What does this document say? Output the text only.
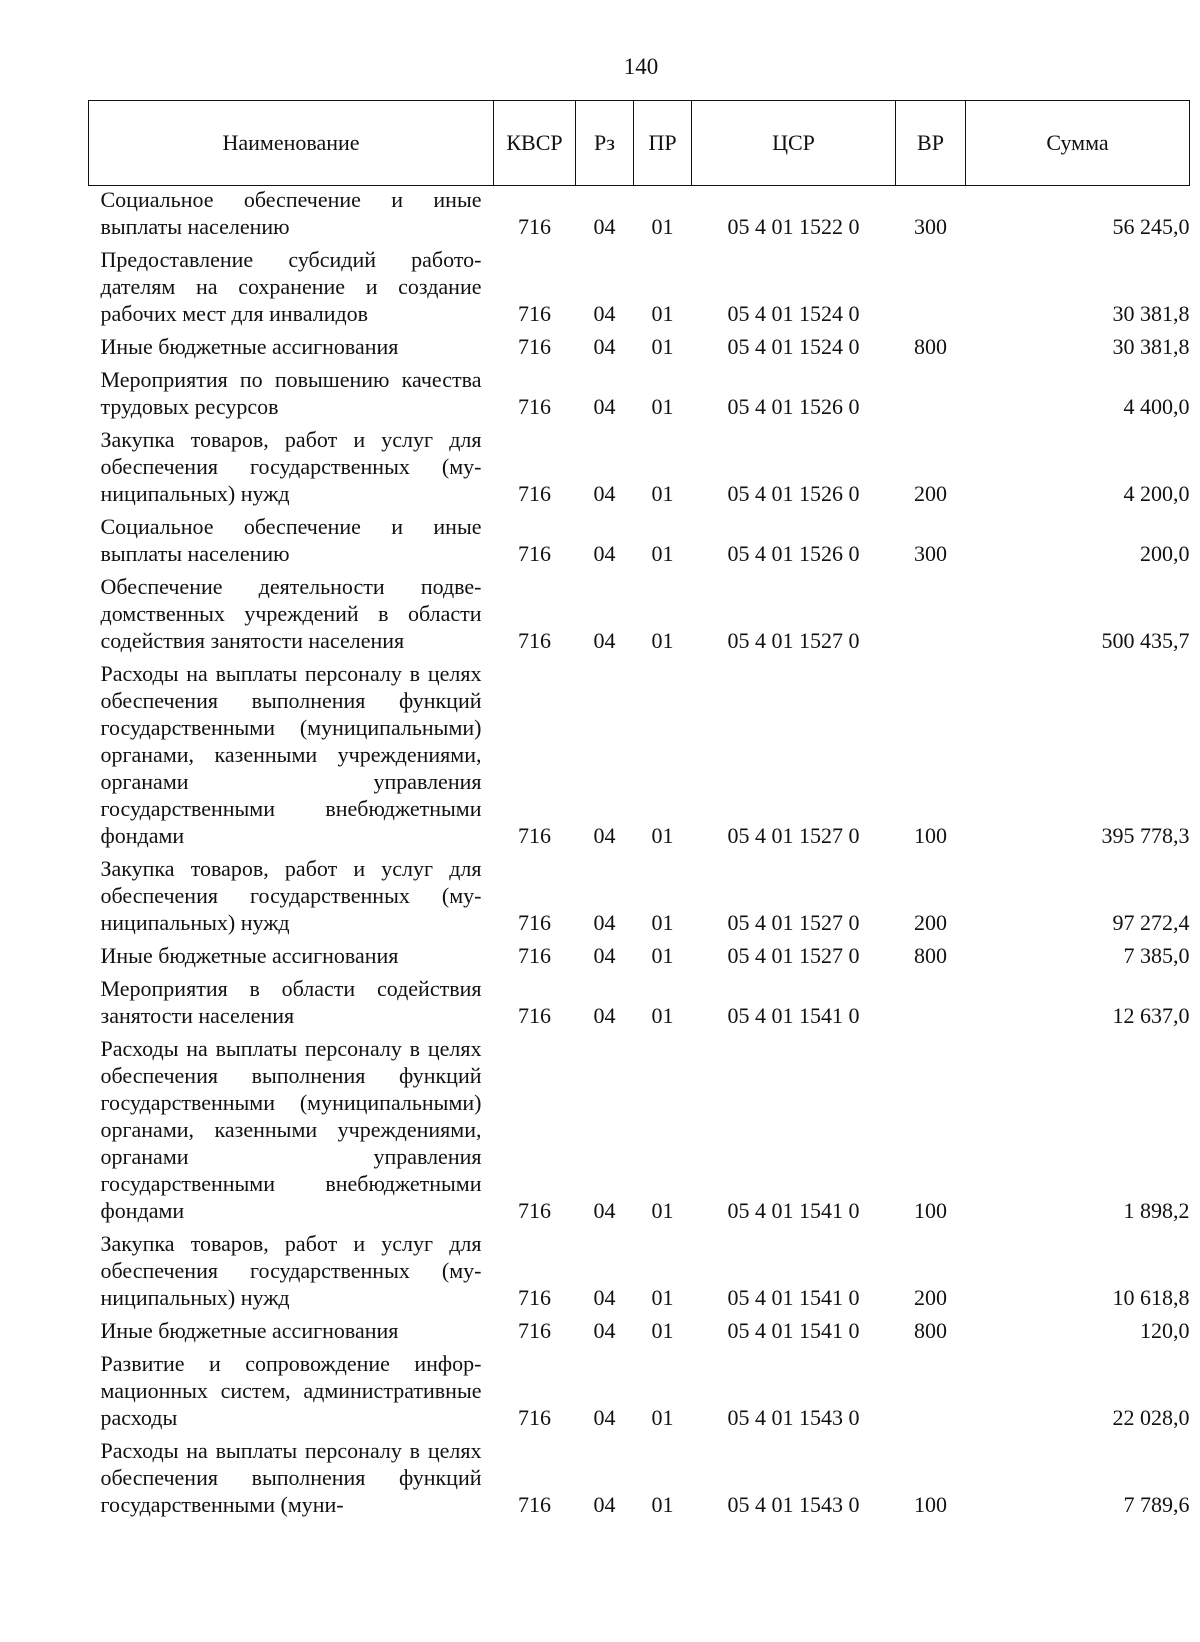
140
Наименование	КВСР	Рз	ПР	ЦСР	ВР	Сумма
Социальное обеспечение и иные выплаты населению	716	04	01	05 4 01 1522 0	300	56 245,0
Предоставление субсидий работодателям на сохранение и создание рабочих мест для инвалидов	716	04	01	05 4 01 1524 0		30 381,8
Иные бюджетные ассигнования	716	04	01	05 4 01 1524 0	800	30 381,8
Мероприятия по повышению качества трудовых ресурсов	716	04	01	05 4 01 1526 0		4 400,0
Закупка товаров, работ и услуг для обеспечения государственных (муниципальных) нужд	716	04	01	05 4 01 1526 0	200	4 200,0
Социальное обеспечение и иные выплаты населению	716	04	01	05 4 01 1526 0	300	200,0
Обеспечение деятельности подведомственных учреждений в области содействия занятости населения	716	04	01	05 4 01 1527 0		500 435,7
Расходы на выплаты персоналу в целях обеспечения выполнения функций государственными (муниципальными) органами, казенными учреждениями, органами управления государственными внебюджетными фондами	716	04	01	05 4 01 1527 0	100	395 778,3
Закупка товаров, работ и услуг для обеспечения государственных (муниципальных) нужд	716	04	01	05 4 01 1527 0	200	97 272,4
Иные бюджетные ассигнования	716	04	01	05 4 01 1527 0	800	7 385,0
Мероприятия в области содействия занятости населения	716	04	01	05 4 01 1541 0		12 637,0
Расходы на выплаты персоналу в целях обеспечения выполнения функций государственными (муниципальными) органами, казенными учреждениями, органами управления государственными внебюджетными фондами	716	04	01	05 4 01 1541 0	100	1 898,2
Закупка товаров, работ и услуг для обеспечения государственных (муниципальных) нужд	716	04	01	05 4 01 1541 0	200	10 618,8
Иные бюджетные ассигнования	716	04	01	05 4 01 1541 0	800	120,0
Развитие и сопровождение информационных систем, административные расходы	716	04	01	05 4 01 1543 0		22 028,0
Расходы на выплаты персоналу в целях обеспечения выполнения функций государственными (муни-	716	04	01	05 4 01 1543 0	100	7 789,6
